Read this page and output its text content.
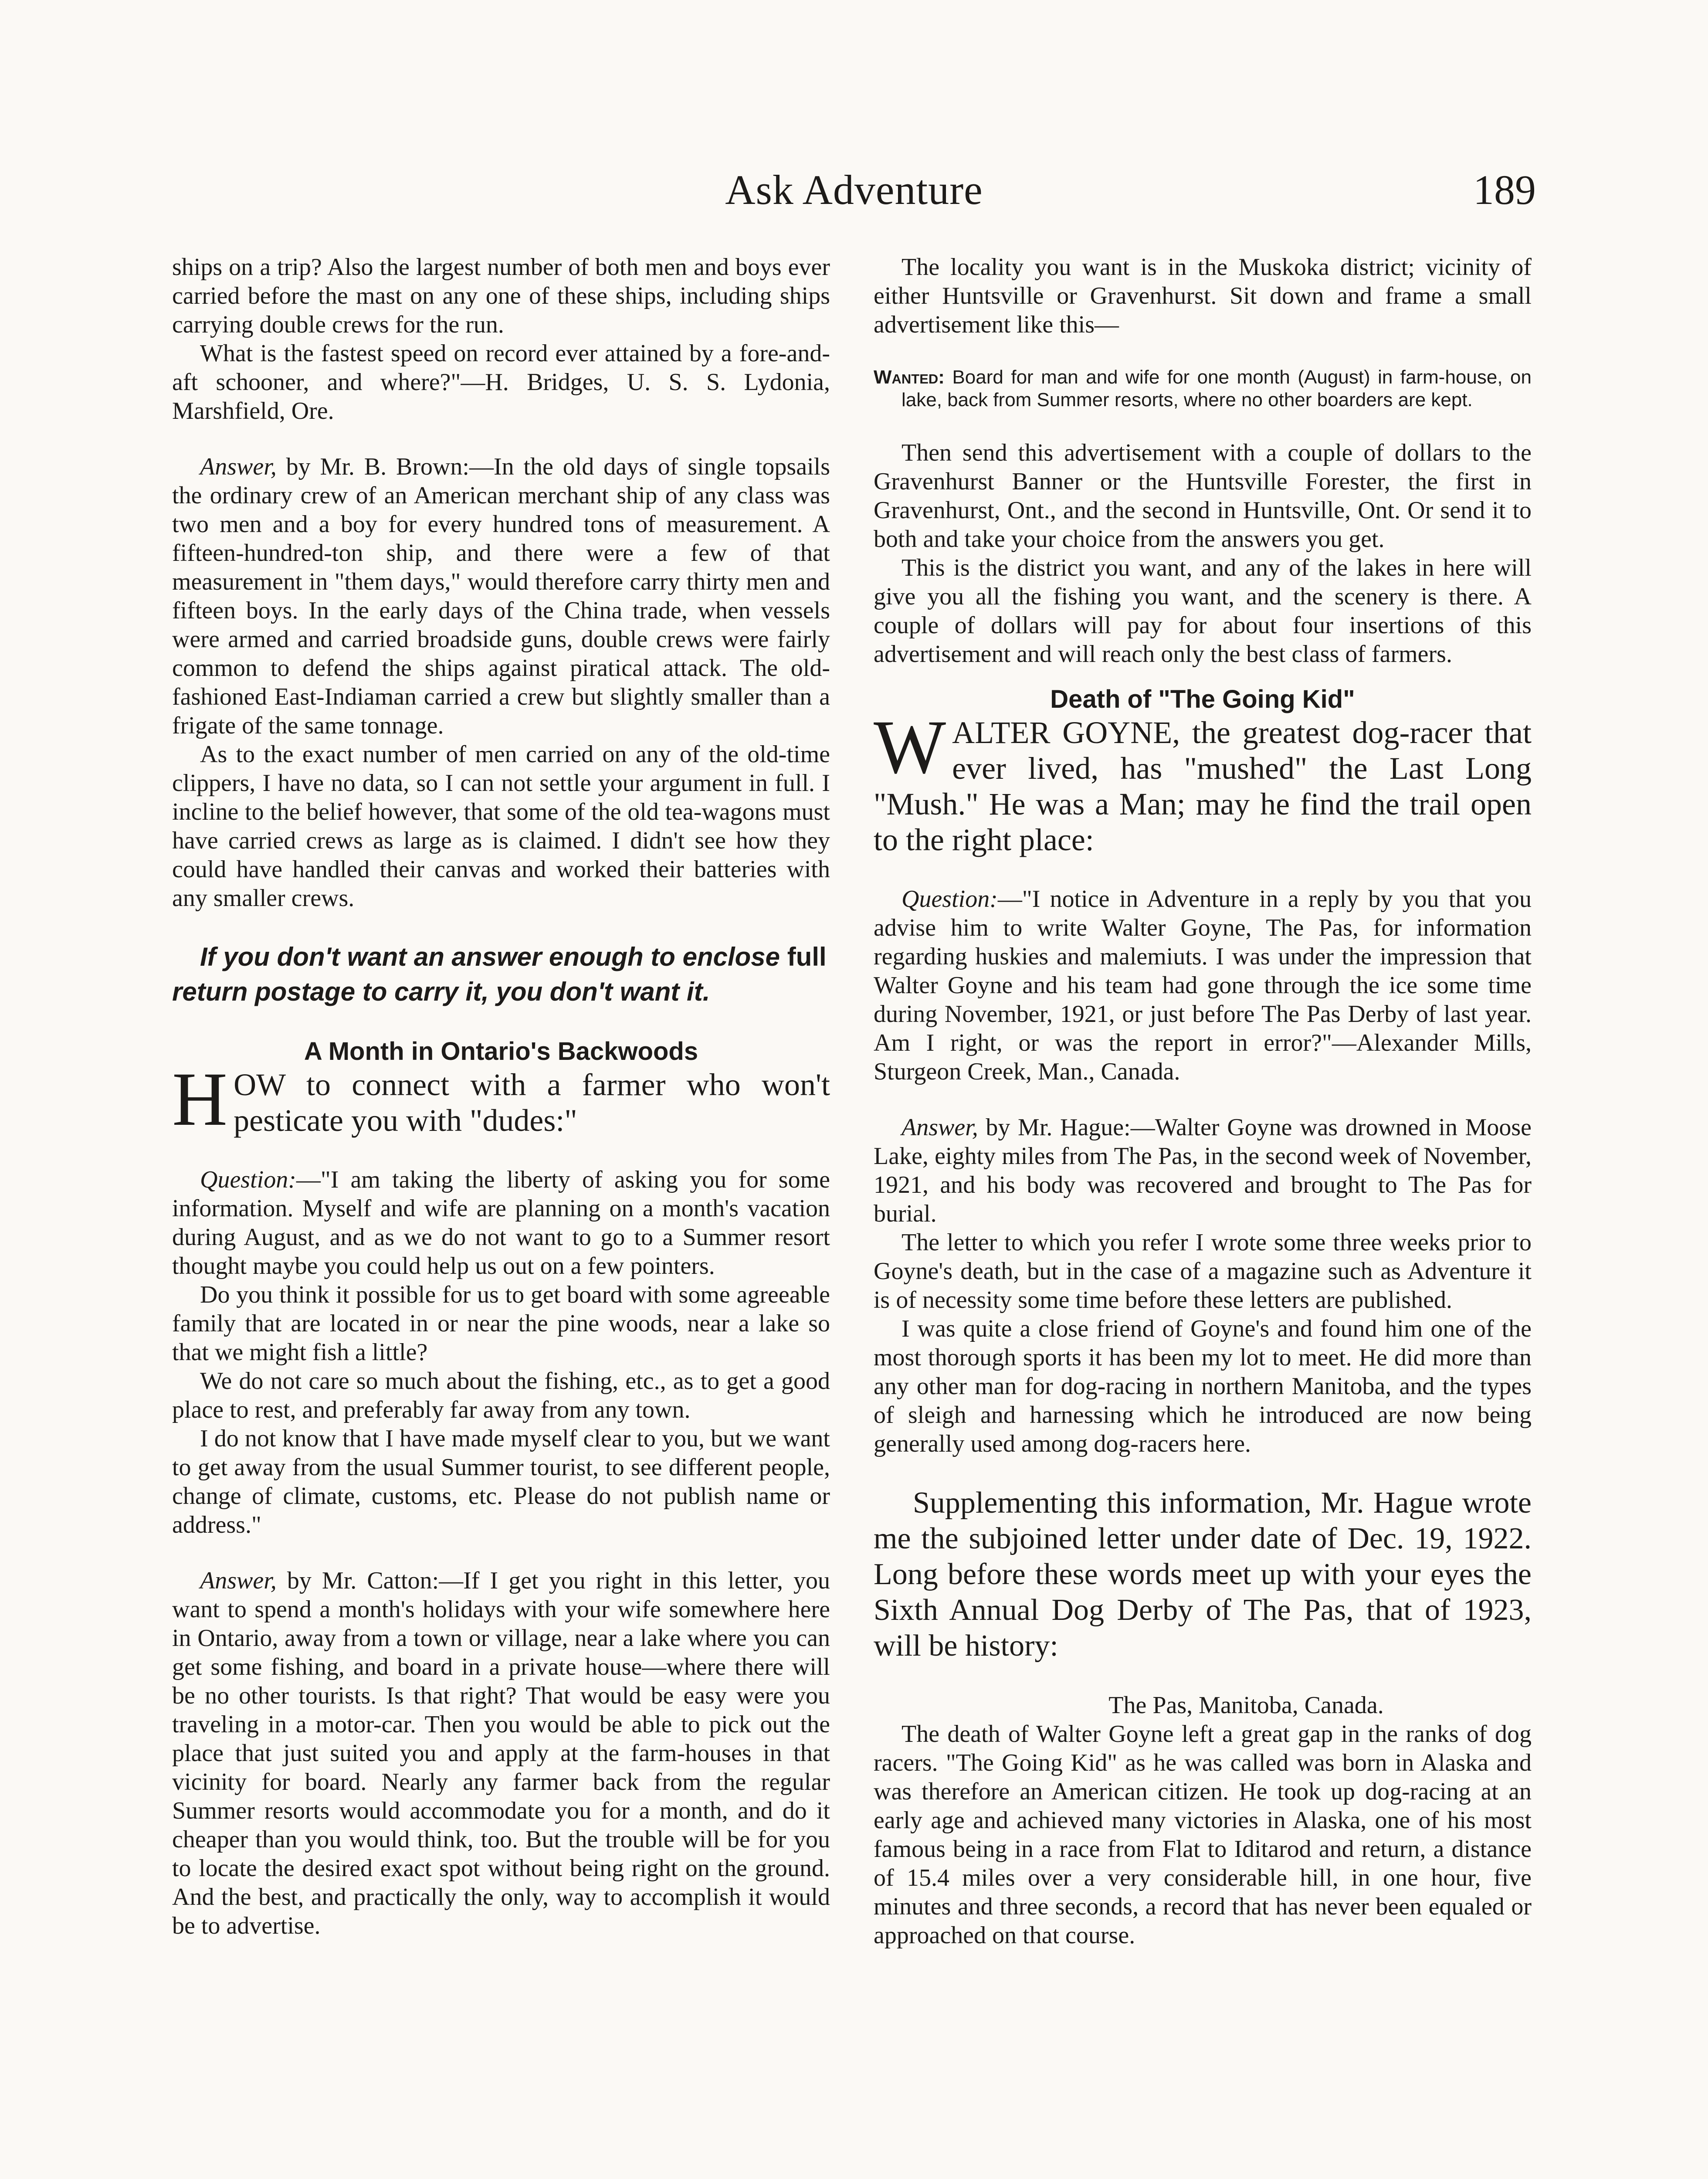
Ask Adventure	189

ships on a trip? Also the largest number of both men and boys ever carried before the mast on any one of these ships, including ships carrying double crews for the run.

What is the fastest speed on record ever attained by a fore-and-aft schooner, and where?"—H. Bridges, U. S. S. Lydonia, Marshfield, Ore.

Answer, by Mr. B. Brown:—In the old days of single topsails the ordinary crew of an American merchant ship of any class was two men and a boy for every hundred tons of measurement. A fifteen-hundred-ton ship, and there were a few of that measurement in "them days," would therefore carry thirty men and fifteen boys. In the early days of the China trade, when vessels were armed and carried broadside guns, double crews were fairly common to defend the ships against piratical attack. The old-fashioned East-Indiaman carried a crew but slightly smaller than a frigate of the same tonnage.

As to the exact number of men carried on any of the old-time clippers, I have no data, so I can not settle your argument in full. I incline to the belief however, that some of the old tea-wagons must have carried crews as large as is claimed. I didn't see how they could have handled their canvas and worked their batteries with any smaller crews.

If you don't want an answer enough to enclose full return postage to carry it, you don't want it.

A Month in Ontario's Backwoods
HOW to connect with a farmer who won't pesticate you with "dudes:"

Question:—"I am taking the liberty of asking you for some information. Myself and wife are planning on a month's vacation during August, and as we do not want to go to a Summer resort thought maybe you could help us out on a few pointers.

Do you think it possible for us to get board with some agreeable family that are located in or near the pine woods, near a lake so that we might fish a little?

We do not care so much about the fishing, etc., as to get a good place to rest, and preferably far away from any town.

I do not know that I have made myself clear to you, but we want to get away from the usual Summer tourist, to see different people, change of climate, customs, etc. Please do not publish name or address."

Answer, by Mr. Catton:—If I get you right in this letter, you want to spend a month's holidays with your wife somewhere here in Ontario, away from a town or village, near a lake where you can get some fishing, and board in a private house—where there will be no other tourists. Is that right? That would be easy were you traveling in a motor-car. Then you would be able to pick out the place that just suited you and apply at the farm-houses in that vicinity for board. Nearly any farmer back from the regular Summer resorts would accommodate you for a month, and do it cheaper than you would think, too. But the trouble will be for you to locate the desired exact spot without being right on the ground. And the best, and practically the only, way to accomplish it would be to advertise.

The locality you want is in the Muskoka district; vicinity of either Huntsville or Gravenhurst. Sit down and frame a small advertisement like this—

Wanted: Board for man and wife for one month (August) in farm-house, on lake, back from Summer resorts, where no other boarders are kept.

Then send this advertisement with a couple of dollars to the Gravenhurst Banner or the Huntsville Forester, the first in Gravenhurst, Ont., and the second in Huntsville, Ont. Or send it to both and take your choice from the answers you get.

This is the district you want, and any of the lakes in here will give you all the fishing you want, and the scenery is there. A couple of dollars will pay for about four insertions of this advertisement and will reach only the best class of farmers.

Death of "The Going Kid"
WALTER GOYNE, the greatest dog-racer that ever lived, has "mushed" the Last Long "Mush." He was a Man; may he find the trail open to the right place:

Question:—"I notice in Adventure in a reply by you that you advise him to write Walter Goyne, The Pas, for information regarding huskies and malemiuts. I was under the impression that Walter Goyne and his team had gone through the ice some time during November, 1921, or just before The Pas Derby of last year. Am I right, or was the report in error?"—Alexander Mills, Sturgeon Creek, Man., Canada.

Answer, by Mr. Hague:—Walter Goyne was drowned in Moose Lake, eighty miles from The Pas, in the second week of November, 1921, and his body was recovered and brought to The Pas for burial.

The letter to which you refer I wrote some three weeks prior to Goyne's death, but in the case of a magazine such as Adventure it is of necessity some time before these letters are published.

I was quite a close friend of Goyne's and found him one of the most thorough sports it has been my lot to meet. He did more than any other man for dog-racing in northern Manitoba, and the types of sleigh and harnessing which he introduced are now being generally used among dog-racers here.

Supplementing this information, Mr. Hague wrote me the subjoined letter under date of Dec. 19, 1922. Long before these words meet up with your eyes the Sixth Annual Dog Derby of The Pas, that of 1923, will be history:

The Pas, Manitoba, Canada.

The death of Walter Goyne left a great gap in the ranks of dog racers. "The Going Kid" as he was called was born in Alaska and was therefore an American citizen. He took up dog-racing at an early age and achieved many victories in Alaska, one of his most famous being in a race from Flat to Iditarod and return, a distance of 15.4 miles over a very considerable hill, in one hour, five minutes and three seconds, a record that has never been equaled or approached on that course.
